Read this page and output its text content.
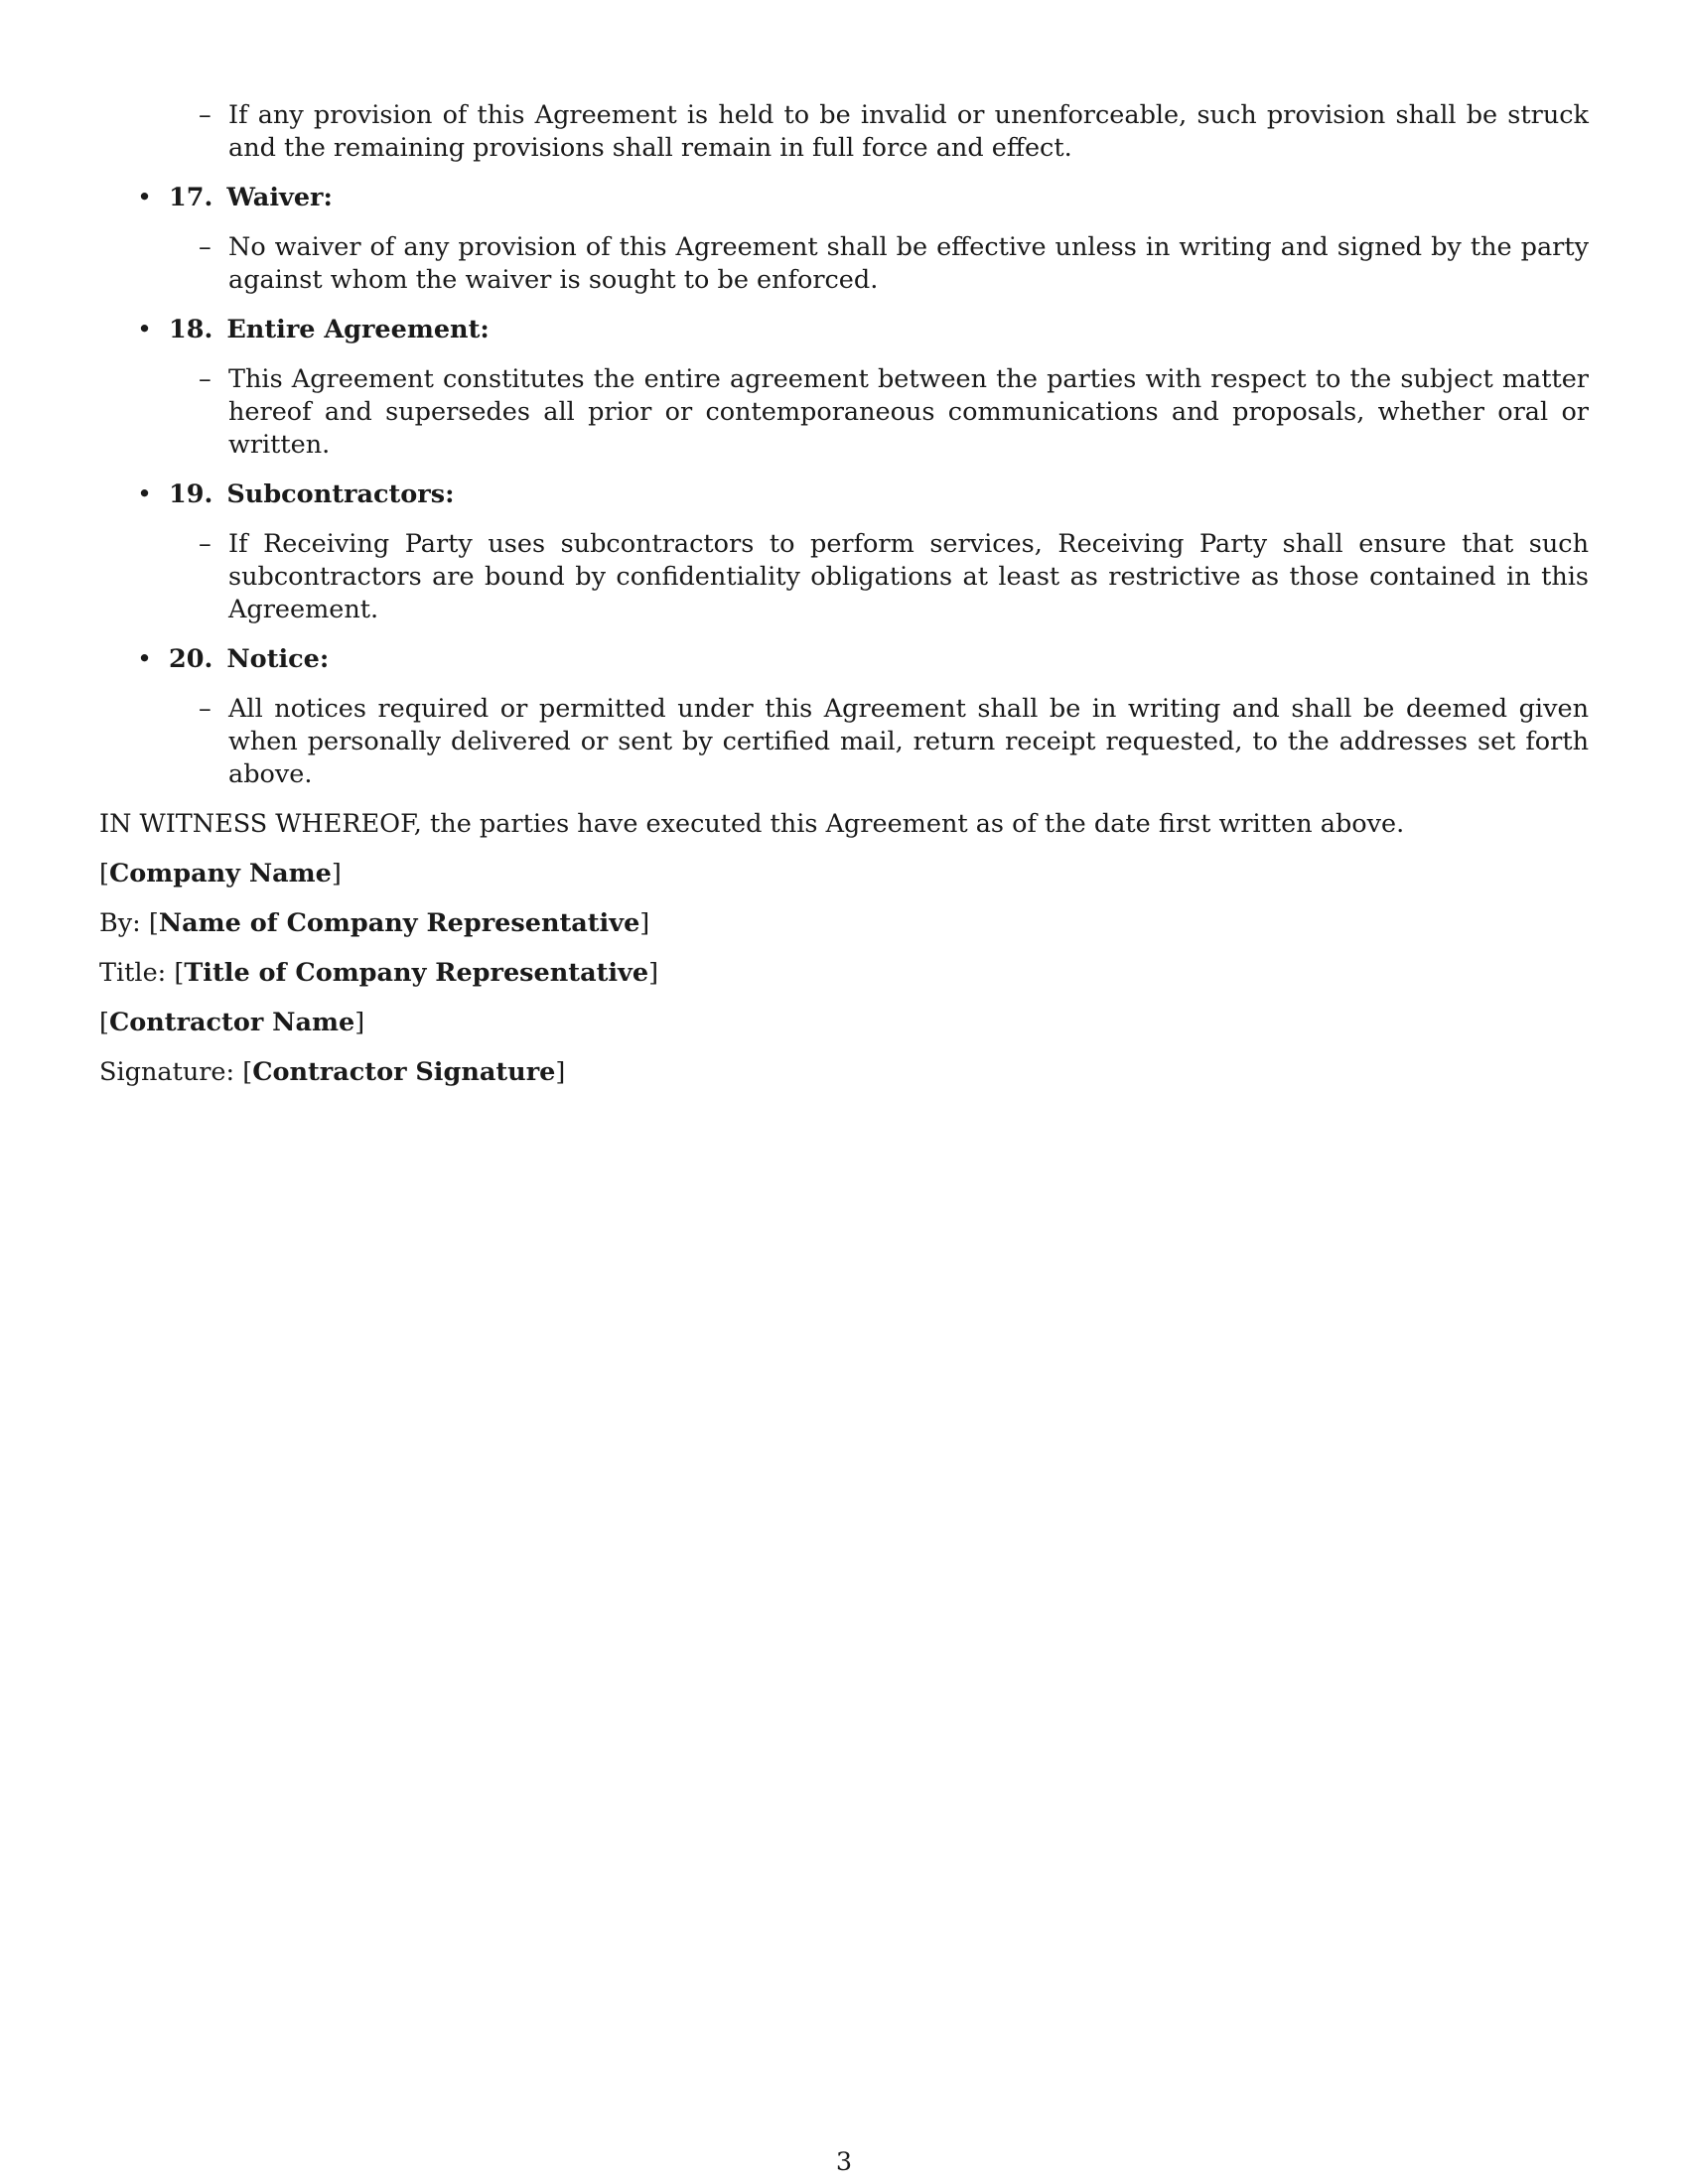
– If any provision of this Agreement is held to be invalid or unenforceable, such provision shall be struck and the remaining provisions shall remain in full force and effect.
• 17. Waiver:
– No waiver of any provision of this Agreement shall be effective unless in writing and signed by the party against whom the waiver is sought to be enforced.
• 18. Entire Agreement:
– This Agreement constitutes the entire agreement between the parties with respect to the subject matter hereof and supersedes all prior or contemporaneous communications and proposals, whether oral or written.
• 19. Subcontractors:
– If Receiving Party uses subcontractors to perform services, Receiving Party shall ensure that such subcontractors are bound by confidentiality obligations at least as restrictive as those contained in this Agreement.
• 20. Notice:
– All notices required or permitted under this Agreement shall be in writing and shall be deemed given when personally delivered or sent by certified mail, return receipt requested, to the addresses set forth above.
IN WITNESS WHEREOF, the parties have executed this Agreement as of the date first written above.
[Company Name]
By: [Name of Company Representative]
Title: [Title of Company Representative]
[Contractor Name]
Signature: [Contractor Signature]
3
